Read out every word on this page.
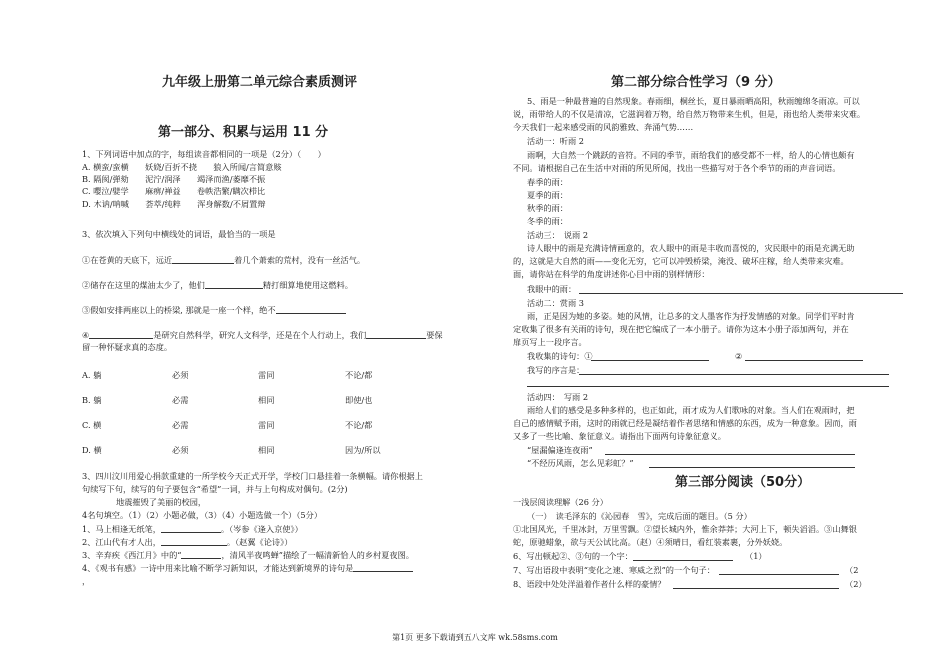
九年级上册第二单元综合素质测评
第一部分、积累与运用 11 分
1、下列词语中加点的字，每组读音都相同的一项是（2分）（　　）
A. 横蛮/蛮横　　妖娆/百折不挠　　狼入所闻/言简意赅
B. 隔阂/弹劾　　泥泞/润泽　　竭泽而渔/萎靡不振
C. 嘤泣/嬖学　　麻痹/禅益　　卷帙浩繁/瞒次栉比
D. 木讷/呐喊　　荟萃/纯粹　　浑身解数/不屑置辩
3、依次填入下列句中横线处的词语，最恰当的一项是
①在苍黄的天底下，远近	着几个萧索的荒村，没有一丝活气。
②储存在这里的煤油太少了，他们	精打细算地使用这燃料。
③假如安排两座以上的桥梁, 那就是一座一个样，绝不
④	是研究自然科学，研究人文科学，还是在个人行动上，我们	要保
留一种怀疑求真的态度。
A. 躺	必须	雷同	不论/都
B. 躺	必需	相同	即使/也
C. 横	必需	雷同	不论/都
D. 横	必须	相同	因为/所以
3、四川汶川用爱心捐款重建的一所学校今天正式开学，学校门口悬挂着一条横幅。请你根据上
句续写下句，续写的句子要包含“希望”一词，并与上句构成对偶句。(2分)
地震摧毁了美丽的校园，
4名句填空。（1）（2）小题必做，（3）（4）小题选做一个）（5分）
1、马上相逢无纸笔，	。（岑参《逢入京使》）
2、江山代有才人出，	。（赵翼《论诗》）
3、辛弃疾《西江月》中的“	，清风半夜鸣蝉”描绘了一幅清新恰人的乡村夏夜图。
4、《观书有感》一诗中用来比喻不断学习新知识，才能达到新境界的诗句是
，
第二部分综合性学习（9 分）
5、雨是一种最普遍的自然现象。春雨细，桐丝长，夏日暴雨晒高阳，秋雨缠绵冬雨凉。可以
说，雨带给人的不仅是清凉，它滋润着万物，给自然万物带来生机，但是，雨也给人类带来灾难。
今天我们一起来感受雨的风韵雅致、奔涌气势……
活动一：听雨 2
雨啊，大自然一个跳跃的音符。不同的季节，雨给我们的感受都不一样，给人的心情也颇有
不同。请根据自己在生活中对雨的所见所闻，找出一些描写对于各个季节的雨的声音词语。
春季的雨：
夏季的雨：
秋季的雨：
冬季的雨：
活动三：　说雨 2
诗人眼中的雨是充满诗情画意的，农人眼中的雨是丰收而喜悦的，灾民眼中的雨是充满无助
的，这就是大自然的雨——变化无穷，它可以冲毁桥梁，淹没、破坏庄稼，给人类带来灾难。
面，请你站在科学的角度讲述你心目中雨的别样情形：
我眼中的雨：
活动二：赏雨 3
雨，正是因为她的多姿。她的风情，让总多的文人墨客作为抒发情感的对象。同学们平时肯
定收集了很多有关雨的诗句，现在把它编成了一本小册子。请你为这本小册子添加两句，并在
扉页写上一段序言。
我收集的诗句：①	②
我写的序言是：
活动四：　写雨 2
雨给人们的感受是多种多样的，也正如此，雨才成为人们歌咏的对象。当人们在观雨时，把
自己的感情赋予雨，这时的雨就已经是凝结着作者思绪和情感的东西，成为一种意象。因而，雨
又多了一些比喻、象征意义。请指出下面两句诗象征意义。
“屋漏偏逢连夜雨”
“不经历风雨，怎么见彩虹？”
第三部分阅读（50分）
一浅层阅读理解（26 分）
（一）　读毛泽东的《沁园春　雪》，完成后面的题目。（5 分）
①北国风光，千里冰封，万里雪飘。②望长城内外，惟余莽莽；大河上下，顿失滔滔。③山舞银
蛇，原驰蜡象，欲与天公试比高。（赵）④须晴日，看红装素裹，分外妖娆。
6、写出顿起②、③句的一个字：	（1）
7、写出语段中表明“变化之速、寒威之烈”的一个句子：	（2
8、语段中处处洋溢着作者什么样的豪情？	（2）
第1页 更多下载请到五八文库 wk.58sms.com
